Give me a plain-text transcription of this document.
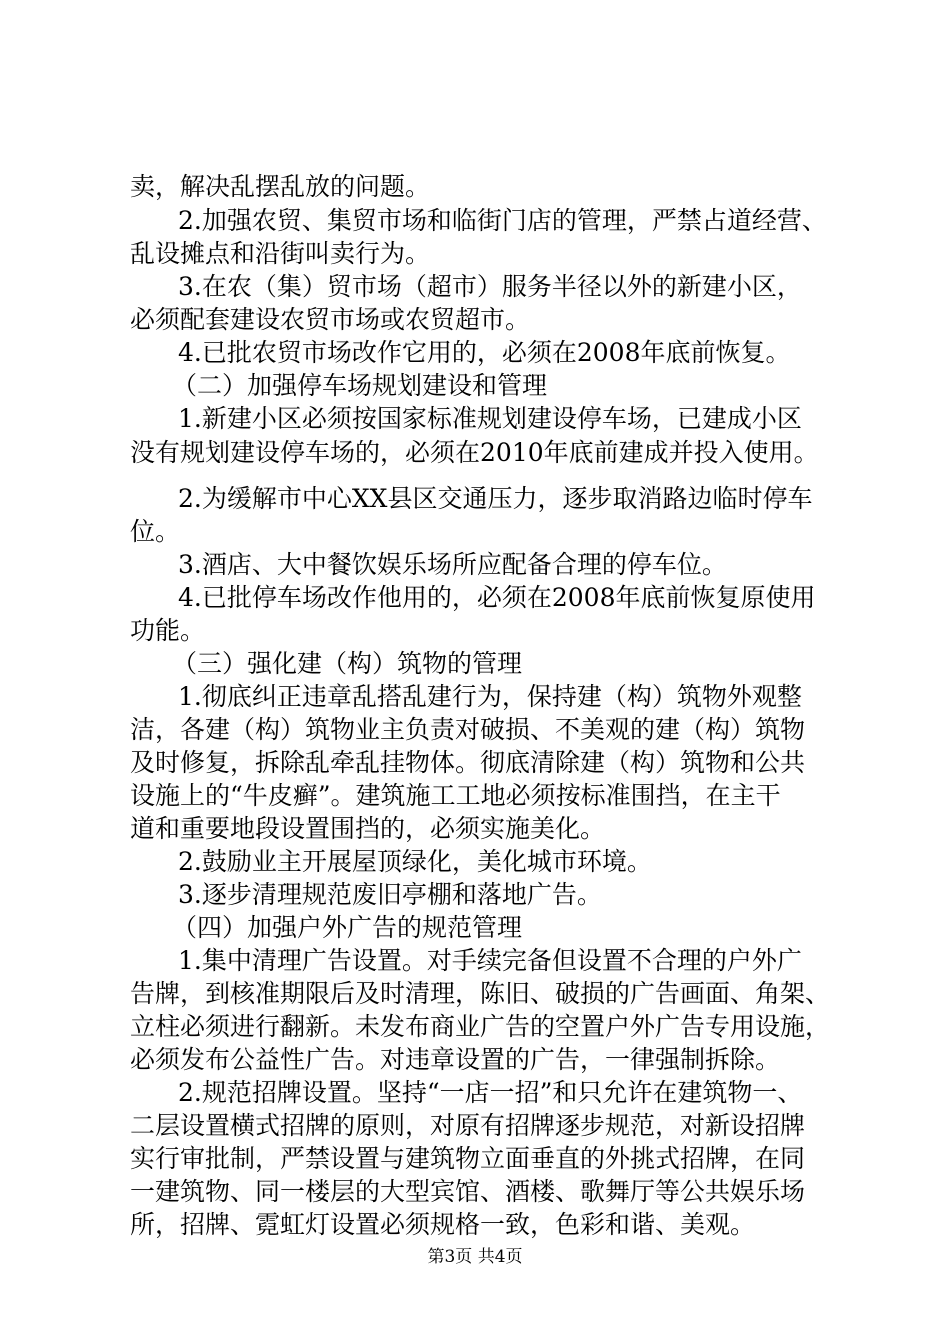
卖，解决乱摆乱放的问题。
2.加强农贸、集贸市场和临街门店的管理，严禁占道经营、
乱设摊点和沿街叫卖行为。
3.在农（集）贸市场（超市）服务半径以外的新建小区，
必须配套建设农贸市场或农贸超市。
4.已批农贸市场改作它用的，必须在2008年底前恢复。
（二）加强停车场规划建设和管理
1.新建小区必须按国家标准规划建设停车场，已建成小区
没有规划建设停车场的，必须在2010年底前建成并投入使用。
2.为缓解市中心XX县区交通压力，逐步取消路边临时停车
位。
3.酒店、大中餐饮娱乐场所应配备合理的停车位。
4.已批停车场改作他用的，必须在2008年底前恢复原使用
功能。
（三）强化建（构）筑物的管理
1.彻底纠正违章乱搭乱建行为，保持建（构）筑物外观整
洁，各建（构）筑物业主负责对破损、不美观的建（构）筑物
及时修复，拆除乱牵乱挂物体。彻底清除建（构）筑物和公共
设施上的“牛皮癣”。建筑施工工地必须按标准围挡，在主干
道和重要地段设置围挡的，必须实施美化。
2.鼓励业主开展屋顶绿化，美化城市环境。
3.逐步清理规范废旧亭棚和落地广告。
（四）加强户外广告的规范管理
1.集中清理广告设置。对手续完备但设置不合理的户外广
告牌，到核准期限后及时清理，陈旧、破损的广告画面、角架、
立柱必须进行翻新。未发布商业广告的空置户外广告专用设施，
必须发布公益性广告。对违章设置的广告，一律强制拆除。
2.规范招牌设置。坚持“一店一招”和只允许在建筑物一、
二层设置横式招牌的原则，对原有招牌逐步规范，对新设招牌
实行审批制，严禁设置与建筑物立面垂直的外挑式招牌，在同
一建筑物、同一楼层的大型宾馆、酒楼、歌舞厅等公共娱乐场
所，招牌、霓虹灯设置必须规格一致，色彩和谐、美观。
第3页 共4页
